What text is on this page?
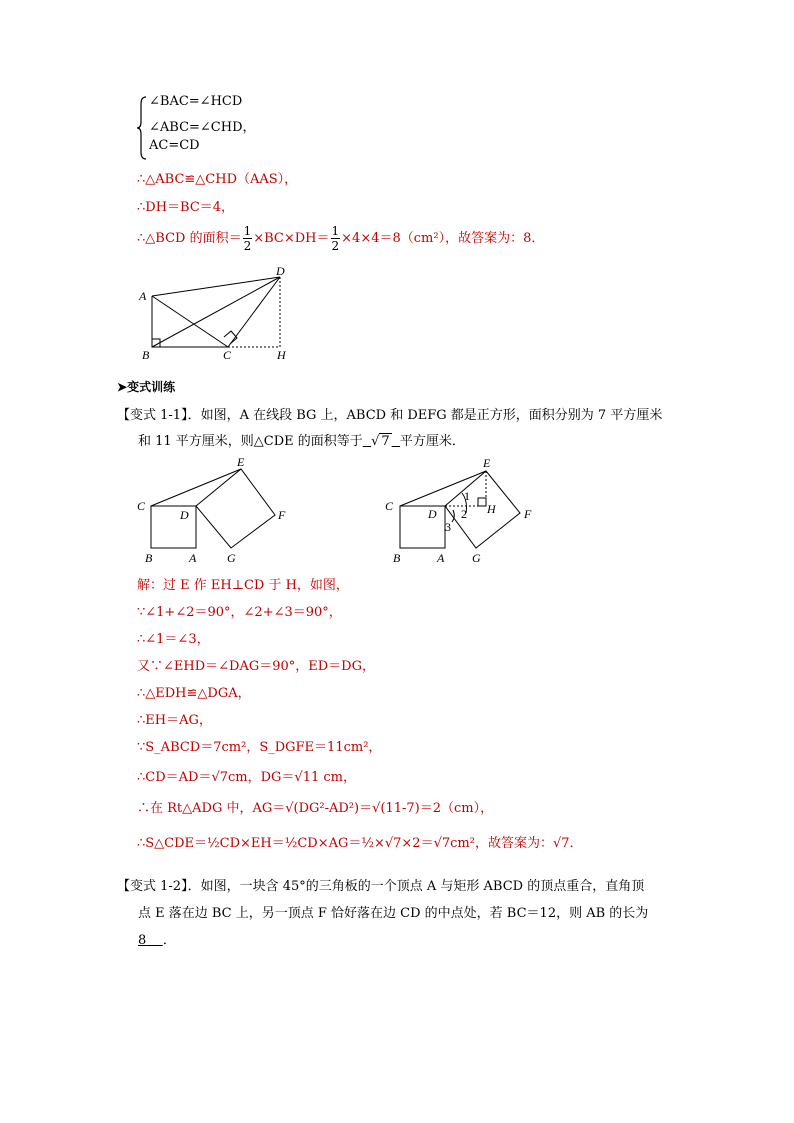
∠BAC=∠HCD
∠ABC=∠CHD，
AC=CD
∴△ABC≌△CHD（AAS），
∴DH＝BC＝4，
∴△BCD 的面积＝ $\frac{1}{2} \times BC\times DH= \frac{1}{2} \times 4\times 4=8(cm^2)$，故答案为：8．
A
B	C
D
H
➤变式训练
【变式 1-1】．如图，A 在线段 BG 上，ABCD 和 DEFG 都是正方形，面积分别为 7 平方厘米
和 11 平方厘米，则△CDE 的面积等于 √ 7 平方厘米．
E
C
D	F
B	A	G
E
C
D
1
2 H F
3
B	A G
解：过 E 作 EH⊥CD 于 H，如图，
∵∠1+∠2＝90°，∠2+∠3＝90°，
∴∠1＝∠3，
又∵∠EHD＝∠DAG＝90°，ED＝DG，
∴△EDH≌△DGA，
∴EH＝AG，
∵S_ABCD＝7cm²，S_DGFE＝11cm²，
∴CD＝AD＝√7cm，DG＝√11 cm，
∴在 Rt△ADG 中，AG＝√(DG²-AD²)＝√(11-7)＝2（cm），
∴S△CDE＝½CD×EH＝½CD×AG＝½×√7×2＝√7cm²，故答案为：√7．
【变式 1-2】．如图，一块含 45°的三角板的一个顶点 A 与矩形 ABCD 的顶点重合，直角顶
点 E 落在边 BC 上，另一顶点 F 恰好落在边 CD 的中点处，若 BC＝12，则 AB 的长为
8 ．
